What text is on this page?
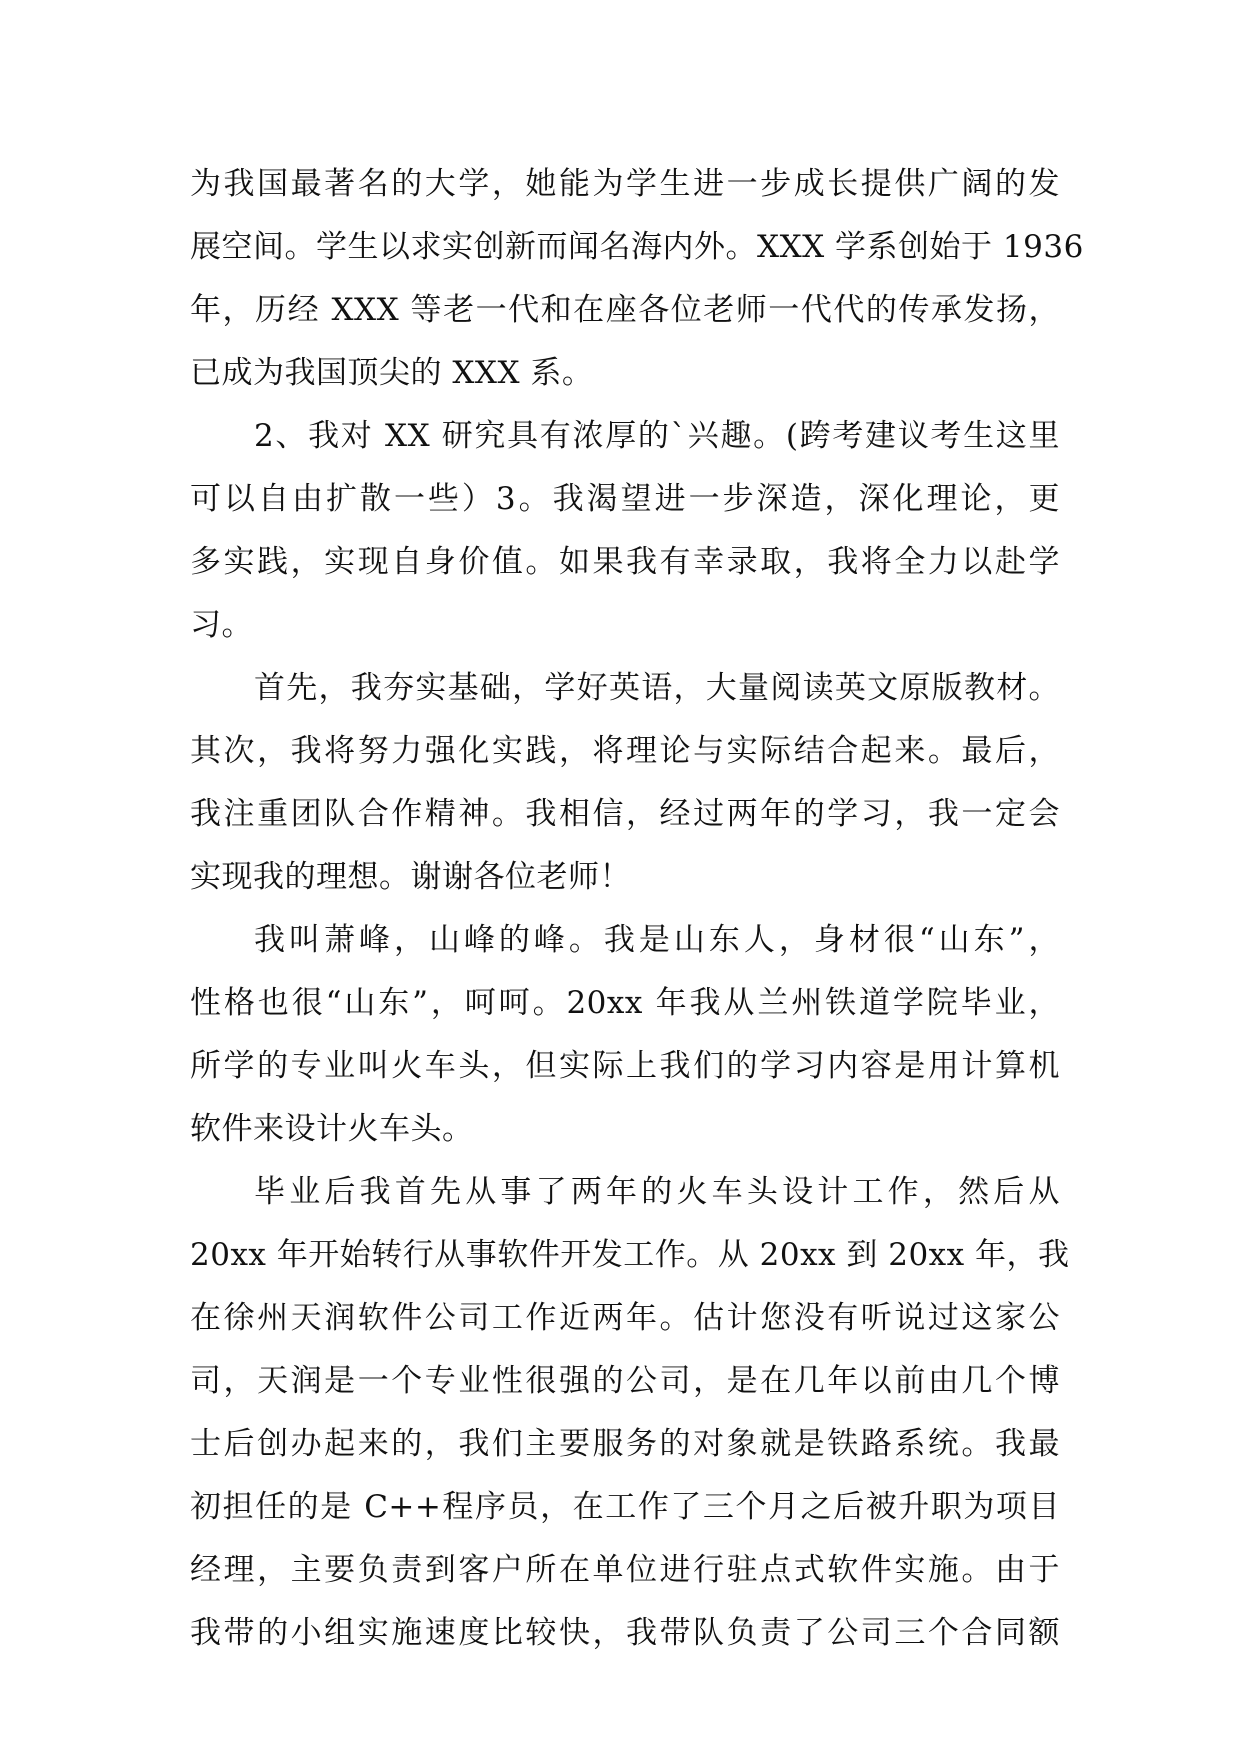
为我国最著名的大学，她能为学生进一步成长提供广阔的发
展空间。学生以求实创新而闻名海内外。XXX 学系创始于 1936
年，历经 XXX 等老一代和在座各位老师一代代的传承发扬，
已成为我国顶尖的 XXX 系。
2、我对 XX 研究具有浓厚的`兴趣。(跨考建议考生这里
可以自由扩散一些）3。我渴望进一步深造，深化理论，更
多实践，实现自身价值。如果我有幸录取，我将全力以赴学
习。
首先，我夯实基础，学好英语，大量阅读英文原版教材。
其次，我将努力强化实践，将理论与实际结合起来。最后，
我注重团队合作精神。我相信，经过两年的学习，我一定会
实现我的理想。谢谢各位老师！
我叫萧峰，山峰的峰。我是山东人，身材很“山东”，
性格也很“山东”，呵呵。20xx 年我从兰州铁道学院毕业，
所学的专业叫火车头，但实际上我们的学习内容是用计算机
软件来设计火车头。
毕业后我首先从事了两年的火车头设计工作，然后从
20xx 年开始转行从事软件开发工作。从 20xx 到 20xx 年，我
在徐州天润软件公司工作近两年。估计您没有听说过这家公
司，天润是一个专业性很强的公司，是在几年以前由几个博
士后创办起来的，我们主要服务的对象就是铁路系统。我最
初担任的是 C++程序员，在工作了三个月之后被升职为项目
经理，主要负责到客户所在单位进行驻点式软件实施。由于
我带的小组实施速度比较快，我带队负责了公司三个合同额
